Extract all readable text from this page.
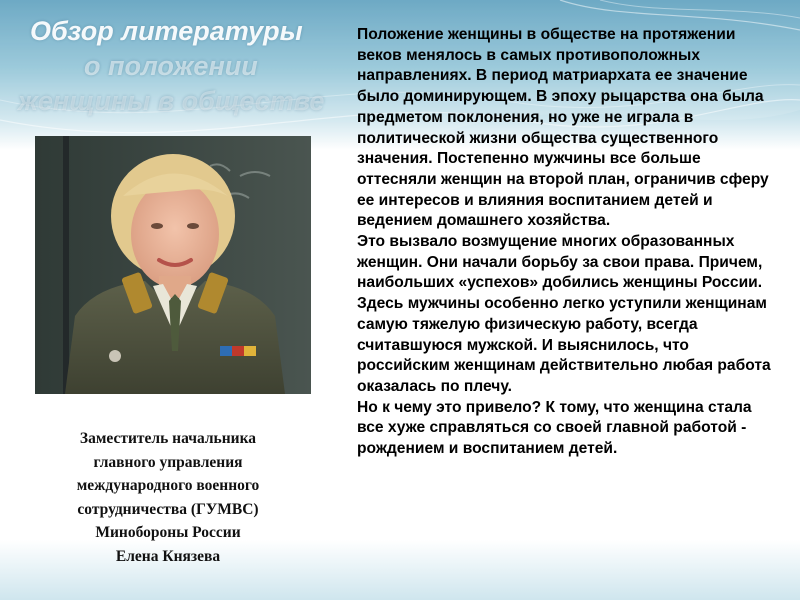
Обзор литературы
о положении
женщины в обществе
Заместитель начальника
главного управления
международного военного
сотрудничества (ГУМВС)
Минобороны России
Елена Князева

Положение женщины в обществе на протяжении веков менялось в самых противоположных направлениях. В период матриархата ее значение было доминирующем. В эпоху рыцарства она была предметом поклонения, но уже не играла в политической жизни общества существенного значения. Постепенно мужчины все больше оттесняли женщин на второй план, ограничив сферу ее интересов и влияния воспитанием детей и ведением домашнего хозяйства.

Это вызвало возмущение многих образованных женщин. Они начали борьбу за свои права. Причем, наибольших «успехов» добились женщины России. Здесь мужчины особенно легко уступили женщинам самую тяжелую физическую работу, всегда считавшуюся мужской. И выяснилось, что российским женщинам действительно любая работа оказалась по плечу.

Но к чему это привело? К тому, что женщина стала все хуже справляться со своей главной работой - рождением и воспитанием детей.
